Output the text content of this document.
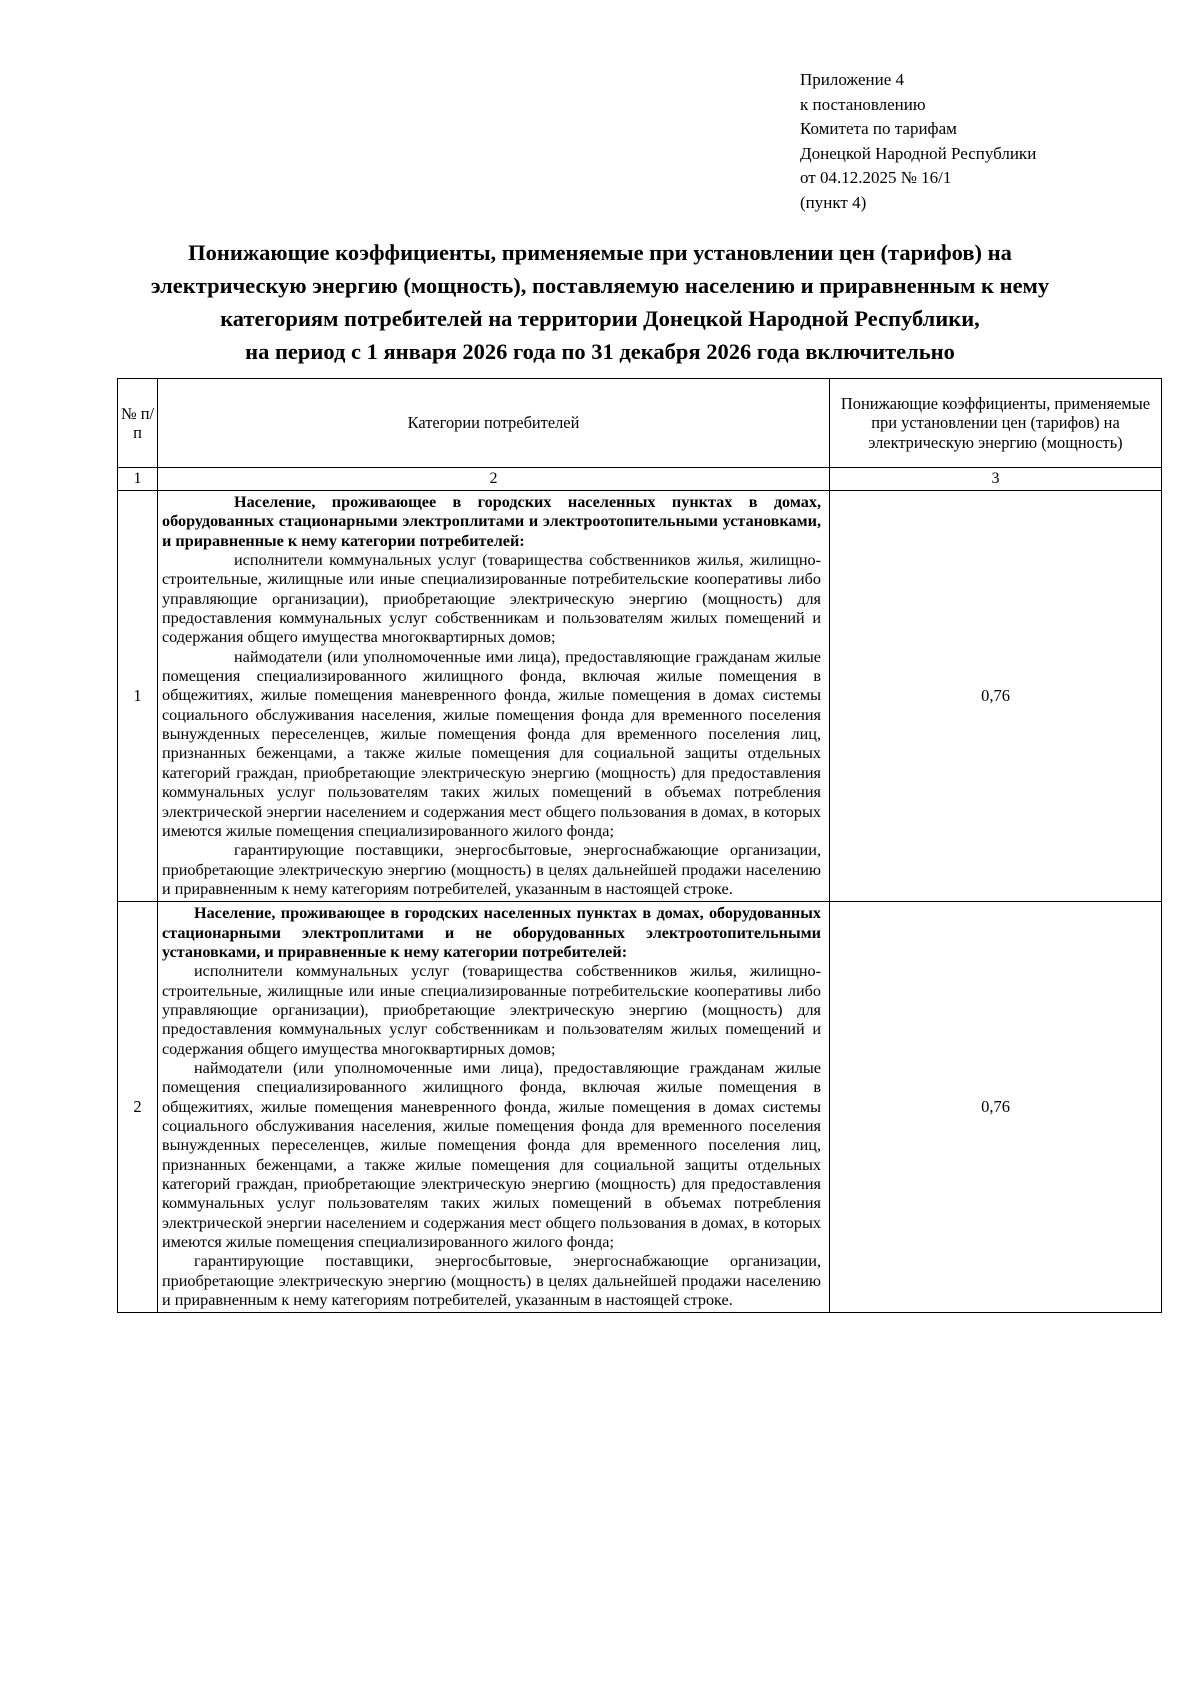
Приложение 4
к постановлению
Комитета по тарифам
Донецкой Народной Республики
от 04.12.2025 № 16/1
(пункт 4)
Понижающие коэффициенты, применяемые при установлении цен (тарифов) на
электрическую энергию (мощность), поставляемую населению и приравненным к нему
категориям потребителей на территории Донецкой Народной Республики,
на период с 1 января 2026 года по 31 декабря 2026 года включительно
№ п/п	Категории потребителей	Понижающие коэффициенты, применяемые при установлении цен (тарифов) на электрическую энергию (мощность)
1	2	3
1	Население, проживающее в городских населенных пунктах в домах, оборудованных стационарными электроплитами и электроотопительными установками, и приравненные к нему категории потребителей:

исполнители коммунальных услуг (товарищества собственников жилья, жилищно-строительные, жилищные или иные специализированные потребительские кооперативы либо управляющие организации), приобретающие электрическую энергию (мощность) для предоставления коммунальных услуг собственникам и пользователям жилых помещений и содержания общего имущества многоквартирных домов;

наймодатели (или уполномоченные ими лица), предоставляющие гражданам жилые помещения специализированного жилищного фонда, включая жилые помещения в общежитиях, жилые помещения маневренного фонда, жилые помещения в домах системы социального обслуживания населения, жилые помещения фонда для временного поселения вынужденных переселенцев, жилые помещения фонда для временного поселения лиц, признанных беженцами, а также жилые помещения для социальной защиты отдельных категорий граждан, приобретающие электрическую энергию (мощность) для предоставления коммунальных услуг пользователям таких жилых помещений в объемах потребления электрической энергии населением и содержания мест общего пользования в домах, в которых имеются жилые помещения специализированного жилого фонда;

гарантирующие поставщики, энергосбытовые, энергоснабжающие организации, приобретающие электрическую энергию (мощность) в целях дальнейшей продажи населению и приравненным к нему категориям потребителей, указанным в настоящей строке.	0,76
2	Население, проживающее в городских населенных пунктах в домах, оборудованных стационарными электроплитами и не оборудованных электроотопительными установками, и приравненные к нему категории потребителей:

исполнители коммунальных услуг (товарищества собственников жилья, жилищно-строительные, жилищные или иные специализированные потребительские кооперативы либо управляющие организации), приобретающие электрическую энергию (мощность) для предоставления коммунальных услуг собственникам и пользователям жилых помещений и содержания общего имущества многоквартирных домов;

наймодатели (или уполномоченные ими лица), предоставляющие гражданам жилые помещения специализированного жилищного фонда, включая жилые помещения в общежитиях, жилые помещения маневренного фонда, жилые помещения в домах системы социального обслуживания населения, жилые помещения фонда для временного поселения вынужденных переселенцев, жилые помещения фонда для временного поселения лиц, признанных беженцами, а также жилые помещения для социальной защиты отдельных категорий граждан, приобретающие электрическую энергию (мощность) для предоставления коммунальных услуг пользователям таких жилых помещений в объемах потребления электрической энергии населением и содержания мест общего пользования в домах, в которых имеются жилые помещения специализированного жилого фонда;

гарантирующие поставщики, энергосбытовые, энергоснабжающие организации, приобретающие электрическую энергию (мощность) в целях дальнейшей продажи населению и приравненным к нему категориям потребителей, указанным в настоящей строке.	0,76
